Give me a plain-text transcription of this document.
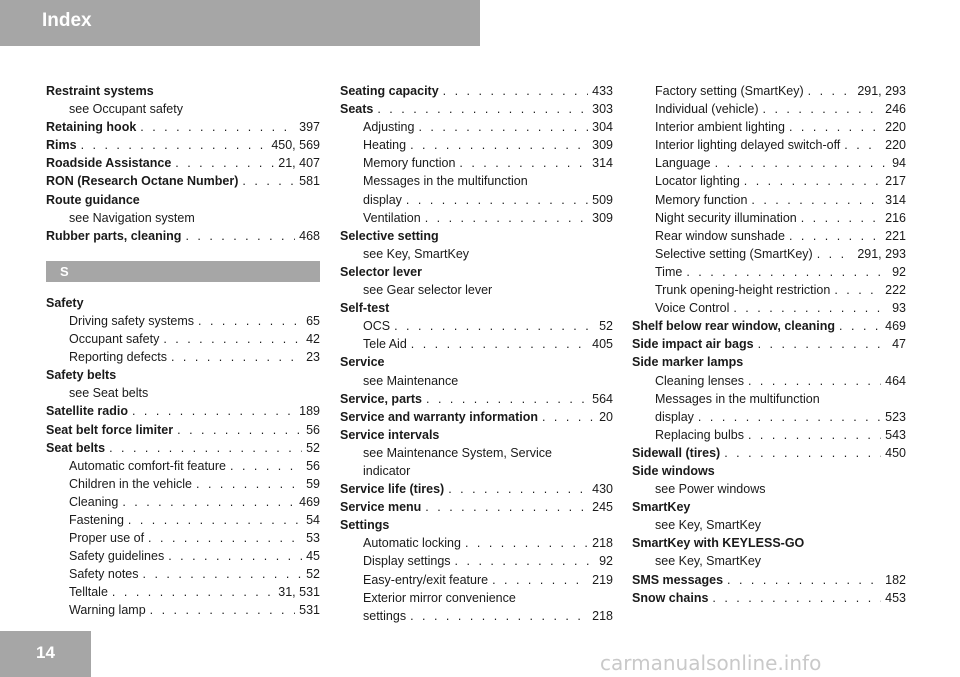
Index
Restraint systems
see Occupant safety
Retaining hook . . .	397
Rims . . .	450, 569
Roadside Assistance . . .	21, 407
RON (Research Octane Number) . . .	581
Route guidance
see Navigation system
Rubber parts, cleaning . . .	468
S
Safety
Driving safety systems . . .	65
Occupant safety . . .	42
Reporting defects . . .	23
Safety belts
see Seat belts
Satellite radio . . .	189
Seat belt force limiter . . .	56
Seat belts . . .	52
Automatic comfort-fit feature . . .	56
Children in the vehicle . . .	59
Cleaning . . .	469
Fastening . . .	54
Proper use of . . .	53
Safety guidelines . . .	45
Safety notes . . .	52
Telltale . . .	31, 531
Warning lamp . . .	531
Seating capacity . . .	433
Seats . . .	303
Adjusting . . .	304
Heating . . .	309
Memory function . . .	314
Messages in the multifunction
display . . .	509
Ventilation . . .	309
Selective setting
see Key, SmartKey
Selector lever
see Gear selector lever
Self-test
OCS . . .	52
Tele Aid . . .	405
Service
see Maintenance
Service, parts . . .	564
Service and warranty information . . .	20
Service intervals
see Maintenance System, Service
indicator
Service life (tires) . . .	430
Service menu . . .	245
Settings
Automatic locking . . .	218
Display settings . . .	92
Easy-entry/exit feature . . .	219
Exterior mirror convenience
settings . . .	218
Factory setting (SmartKey) . . .	291, 293
Individual (vehicle) . . .	246
Interior ambient lighting . . .	220
Interior lighting delayed switch-off . . .	220
Language . . .	94
Locator lighting . . .	217
Memory function . . .	314
Night security illumination . . .	216
Rear window sunshade . . .	221
Selective setting (SmartKey) . . .	291, 293
Time . . .	92
Trunk opening-height restriction . . .	222
Voice Control . . .	93
Shelf below rear window, cleaning . . .	469
Side impact air bags . . .	47
Side marker lamps
Cleaning lenses . . .	464
Messages in the multifunction
display . . .	523
Replacing bulbs . . .	543
Sidewall (tires) . . .	450
Side windows
see Power windows
SmartKey
see Key, SmartKey
SmartKey with KEYLESS-GO
see Key, SmartKey
SMS messages . . .	182
Snow chains . . .	453
14	carmanualsonline.info
